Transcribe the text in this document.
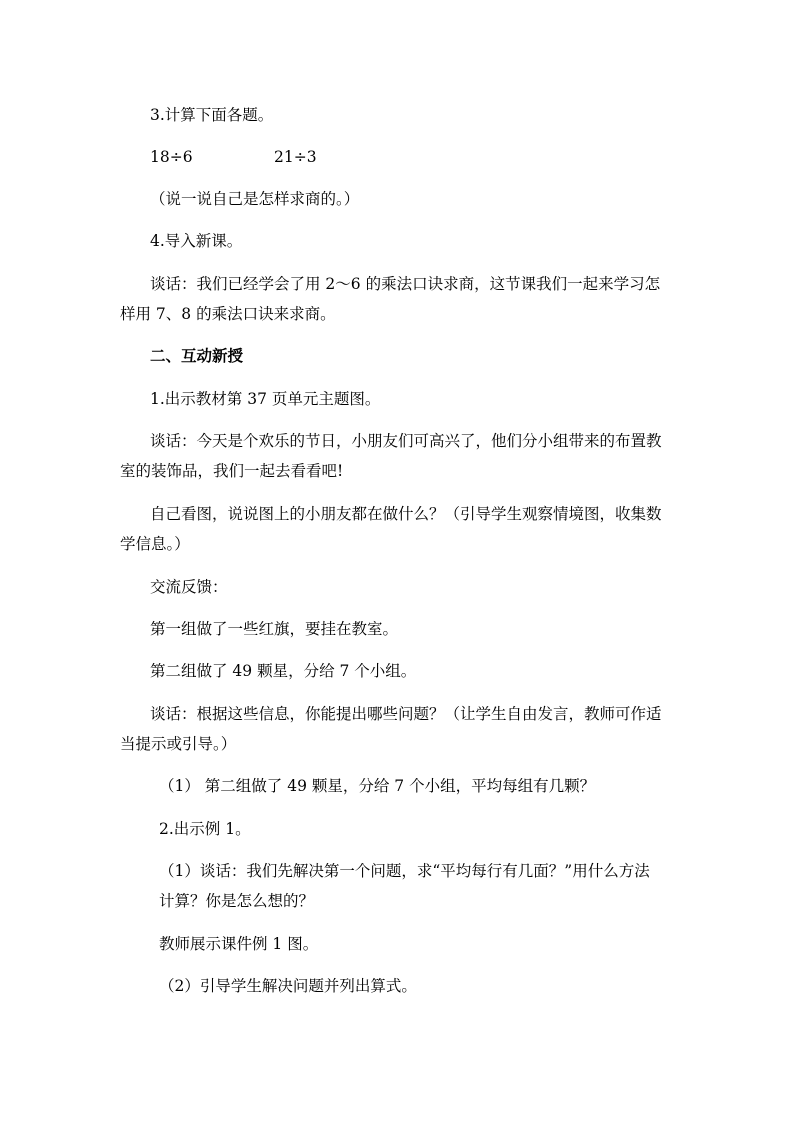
3.计算下面各题。
18÷6	21÷3
（说一说自己是怎样求商的。）
4.导入新课。
谈话：我们已经学会了用 2～6 的乘法口诀求商，这节课我们一起来学习怎
样用 7、8 的乘法口诀来求商。
二、互动新授
1.出示教材第 37 页单元主题图。
谈话：今天是个欢乐的节日，小朋友们可高兴了，他们分小组带来的布置教
室的装饰品，我们一起去看看吧!
自己看图，说说图上的小朋友都在做什么？（引导学生观察情境图，收集数
学信息。）
交流反馈：
第一组做了一些红旗，要挂在教室。
第二组做了 49 颗星，分给 7 个小组。
谈话：根据这些信息，你能提出哪些问题？（让学生自由发言，教师可作适
当提示或引导。）
（1） 第二组做了 49 颗星，分给 7 个小组，平均每组有几颗？
2.出示例 1。
（1）谈话：我们先解决第一个问题，求“平均每行有几面？”用什么方法
计算？你是怎么想的？
教师展示课件例 1 图。
（2）引导学生解决问题并列出算式。
